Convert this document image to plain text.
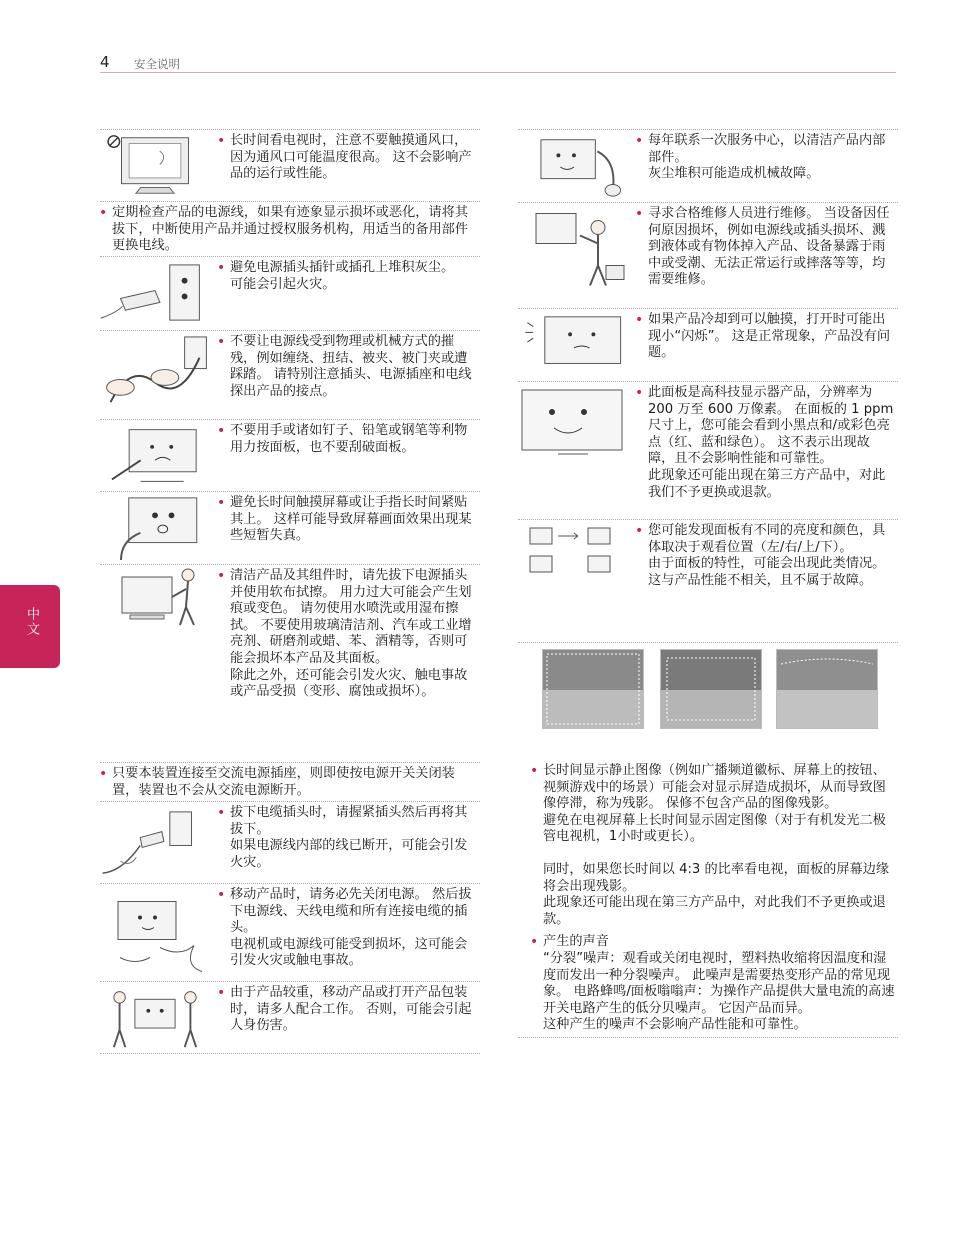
4 安全说明
中文
• 长时间看电视时，注意不要触摸通风口，因为通风口可能温度很高。 这不会影响产品的运行或性能。
• 定期检查产品的电源线，如果有迹象显示损坏或恶化，请将其拔下，中断使用产品并通过授权服务机构，用适当的备用部件更换电线。
• 避免电源插头插针或插孔上堆积灰尘。
可能会引起火灾。
• 不要让电源线受到物理或机械方式的摧残，例如缠绕、扭结、被夹、被门夹或遭踩踏。 请特别注意插头、电源插座和电线探出产品的接点。
• 不要用手或诸如钉子、铅笔或钢笔等利物用力按面板，也不要刮破面板。
• 避免长时间触摸屏幕或让手指长时间紧贴其上。 这样可能导致屏幕画面效果出现某些短暂失真。
• 清洁产品及其组件时，请先拔下电源插头并使用软布拭擦。 用力过大可能会产生划痕或变色。 请勿使用水喷洗或用湿布擦拭。 不要使用玻璃清洁剂、汽车或工业增亮剂、研磨剂或蜡、苯、酒精等，否则可能会损坏本产品及其面板。
除此之外，还可能会引发火灾、触电事故或产品受损（变形、腐蚀或损坏）。
• 只要本装置连接至交流电源插座，则即使按电源开关关闭装置，装置也不会从交流电源断开。
• 拔下电缆插头时，请握紧插头然后再将其拔下。
如果电源线内部的线已断开，可能会引发火灾。
• 移动产品时，请务必先关闭电源。 然后拔下电源线、天线电缆和所有连接电缆的插头。
电视机或电源线可能受到损坏，这可能会引发火灾或触电事故。
• 由于产品较重，移动产品或打开产品包装时，请多人配合工作。 否则，可能会引起人身伤害。
• 每年联系一次服务中心，以清洁产品内部部件。
灰尘堆积可能造成机械故障。
• 寻求合格维修人员进行维修。 当设备因任何原因损坏，例如电源线或插头损坏、溅到液体或有物体掉入产品、设备暴露于雨中或受潮、无法正常运行或摔落等等，均需要维修。
• 如果产品冷却到可以触摸，打开时可能出现小“闪烁”。 这是正常现象，产品没有问题。
• 此面板是高科技显示器产品，分辨率为 200 万至 600 万像素。 在面板的 1 ppm 尺寸上，您可能会看到小黑点和/或彩色亮点（红、蓝和绿色）。 这不表示出现故障，且不会影响性能和可靠性。
此现象还可能出现在第三方产品中，对此我们不予更换或退款。
• 您可能发现面板有不同的亮度和颜色，具体取决于观看位置（左/右/上/下）。
由于面板的特性，可能会出现此类情况。 这与产品性能不相关，且不属于故障。
• 长时间显示静止图像（例如广播频道徽标、屏幕上的按钮、视频游戏中的场景）可能会对显示屏造成损坏，从而导致图像停滞，称为残影。 保修不包含产品的图像残影。
避免在电视屏幕上长时间显示固定图像（对于有机发光二极管电视机，1小时或更长）。
同时，如果您长时间以 4:3 的比率看电视，面板的屏幕边缘将会出现残影。
此现象还可能出现在第三方产品中，对此我们不予更换或退款。
• 产生的声音
“分裂”噪声：观看或关闭电视时，塑料热收缩将因温度和湿度而发出一种分裂噪声。 此噪声是需要热变形产品的常见现象。 电路蜂鸣/面板嗡嗡声：为操作产品提供大量电流的高速开关电路产生的低分贝噪声。 它因产品而异。
这种产生的噪声不会影响产品性能和可靠性。
